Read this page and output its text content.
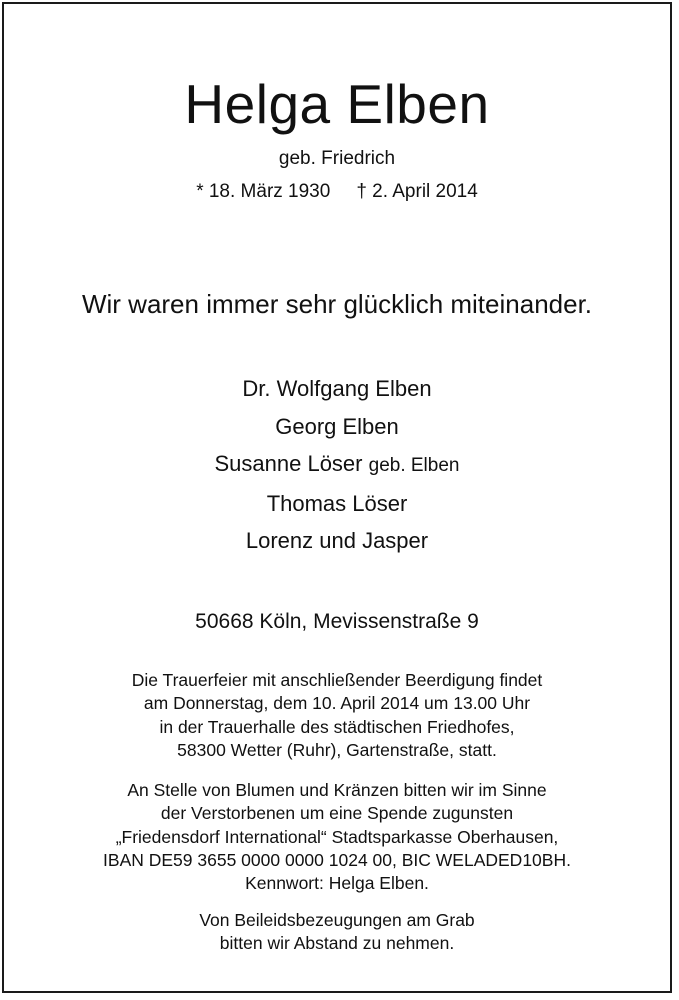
Helga Elben
geb. Friedrich
* 18. März 1930 † 2. April 2014
Wir waren immer sehr glücklich miteinander.
Dr. Wolfgang Elben
Georg Elben
Susanne Löser geb. Elben
Thomas Löser
Lorenz und Jasper
50668 Köln, Mevissenstraße 9
Die Trauerfeier mit anschließender Beerdigung findet
am Donnerstag, dem 10. April 2014 um 13.00 Uhr
in der Trauerhalle des städtischen Friedhofes,
58300 Wetter (Ruhr), Gartenstraße, statt.
An Stelle von Blumen und Kränzen bitten wir im Sinne
der Verstorbenen um eine Spende zugunsten
„Friedensdorf International“ Stadtsparkasse Oberhausen,
IBAN DE59 3655 0000 0000 1024 00, BIC WELADED10BH.
Kennwort: Helga Elben.
Von Beileidsbezeugungen am Grab
bitten wir Abstand zu nehmen.
